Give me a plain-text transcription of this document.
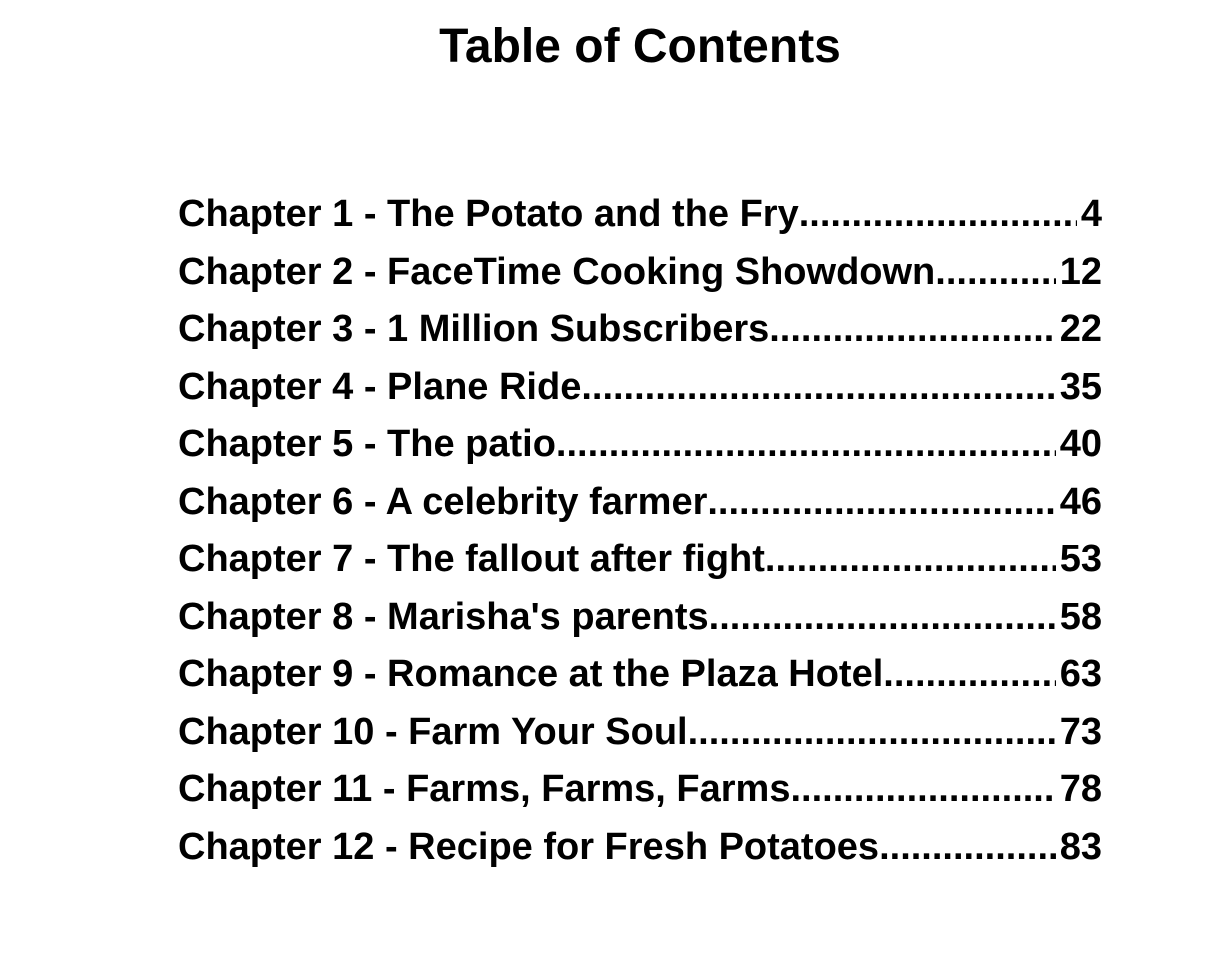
Table of Contents
Chapter 1 - The Potato and the Fry .....	4
Chapter 2 - FaceTime Cooking Showdown .....	12
Chapter 3 - 1 Million Subscribers .....	22
Chapter 4 - Plane Ride .....	35
Chapter 5 - The patio .....	40
Chapter 6 - A celebrity farmer .....	46
Chapter 7 - The fallout after fight .....	53
Chapter 8 - Marisha's parents .....	58
Chapter 9 - Romance at the Plaza Hotel .....	63
Chapter 10 - Farm Your Soul .....	73
Chapter 11 - Farms, Farms, Farms .....	78
Chapter 12 - Recipe for Fresh Potatoes .....	83
